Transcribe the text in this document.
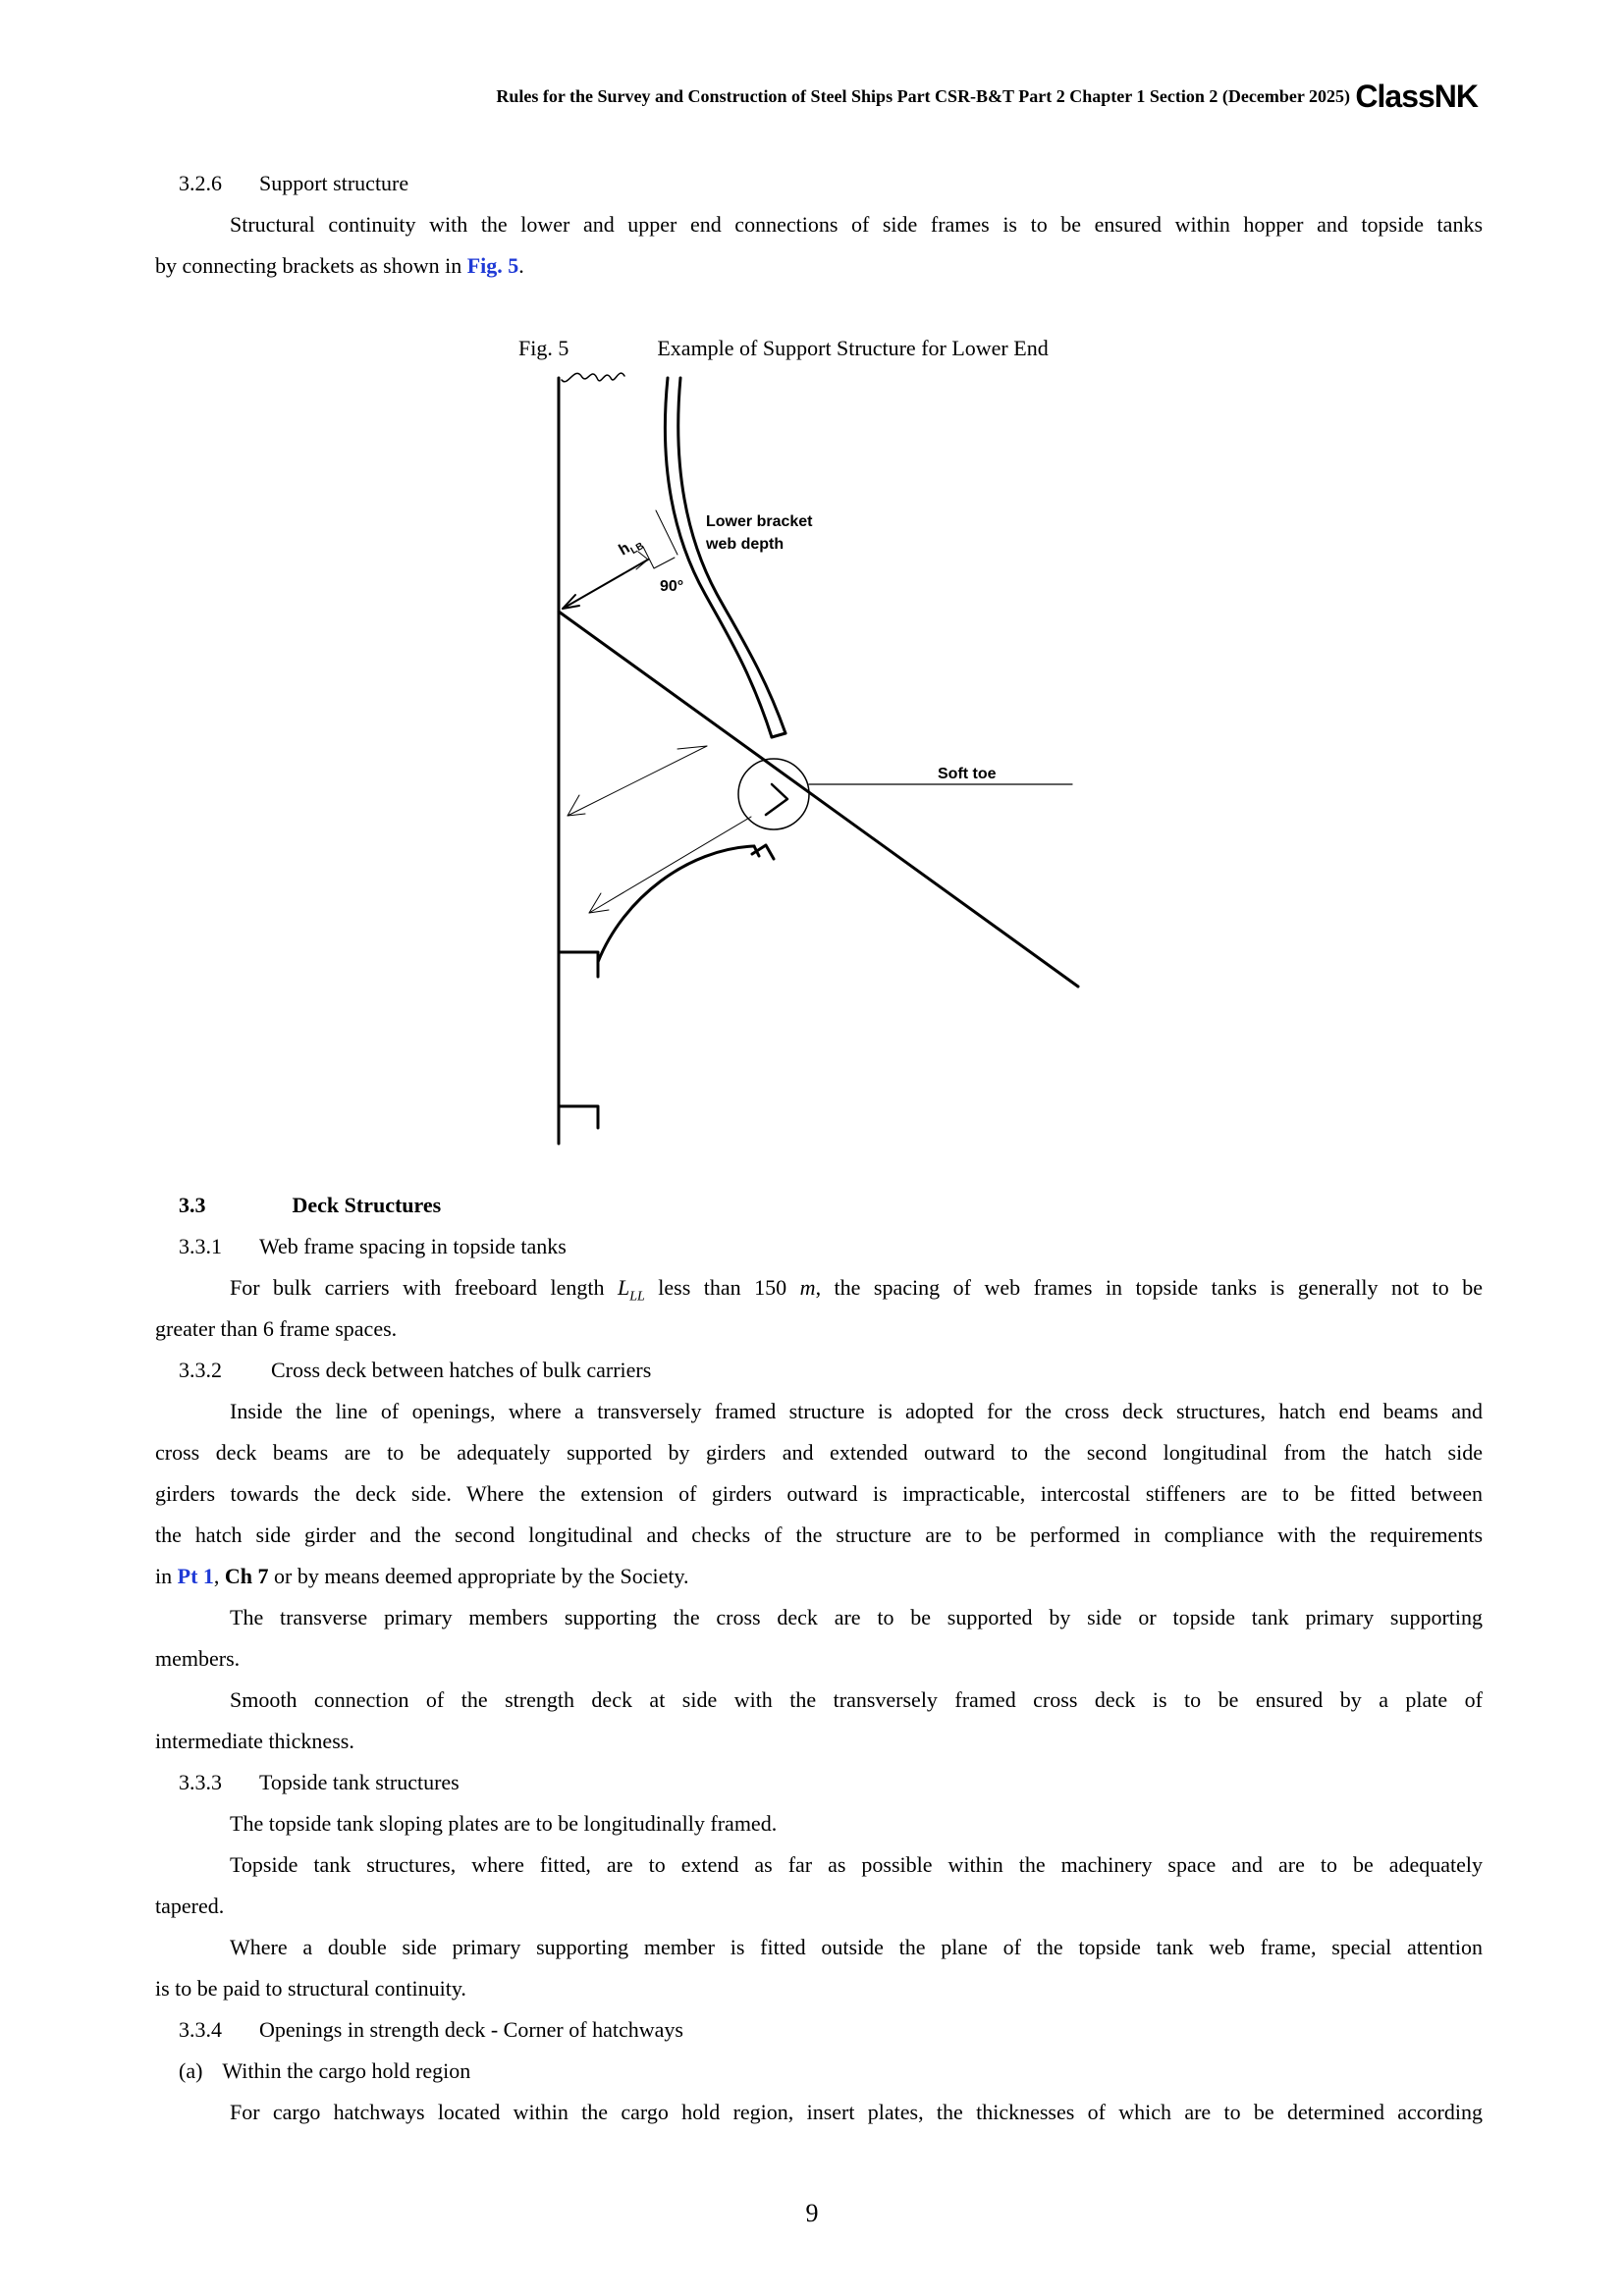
Rules for the Survey and Construction of Steel Ships Part CSR-B&T Part 2 Chapter 1 Section 2 (December 2025) ClassNK
3.2.6 Support structure
Structural continuity with the lower and upper end connections of side frames is to be ensured within hopper and topside tanks
by connecting brackets as shown in Fig. 5.
Fig. 5	Example of Support Structure for Lower End
Lower bracket
web depth
h
LB
90°
Soft toe
3.3	Deck Structures
3.3.1 Web frame spacing in topside tanks
For bulk carriers with freeboard length $L_{LL}$ less than 150 m, the spacing of web frames in topside tanks is generally not to be
greater than 6 frame spaces.
3.3.2 Cross deck between hatches of bulk carriers
Inside the line of openings, where a transversely framed structure is adopted for the cross deck structures, hatch end beams and
cross deck beams are to be adequately supported by girders and extended outward to the second longitudinal from the hatch side
girders towards the deck side. Where the extension of girders outward is impracticable, intercostal stiffeners are to be fitted between
the hatch side girder and the second longitudinal and checks of the structure are to be performed in compliance with the requirements
in Pt 1, Ch 7 or by means deemed appropriate by the Society.
The transverse primary members supporting the cross deck are to be supported by side or topside tank primary supporting
members.
Smooth connection of the strength deck at side with the transversely framed cross deck is to be ensured by a plate of
intermediate thickness.
3.3.3 Topside tank structures
The topside tank sloping plates are to be longitudinally framed.
Topside tank structures, where fitted, are to extend as far as possible within the machinery space and are to be adequately
tapered.
Where a double side primary supporting member is fitted outside the plane of the topside tank web frame, special attention
is to be paid to structural continuity.
3.3.4 Openings in strength deck - Corner of hatchways
(a) Within the cargo hold region
For cargo hatchways located within the cargo hold region, insert plates, the thicknesses of which are to be determined according
9
